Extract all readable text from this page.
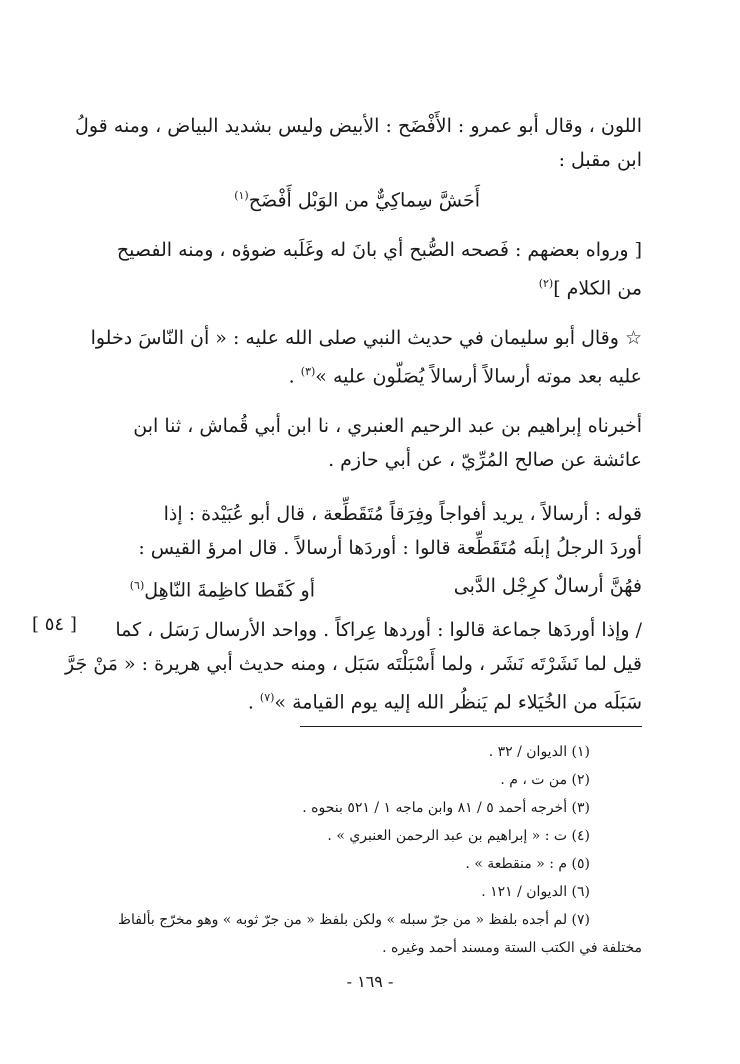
اللون ، وقال أبو عمرو : الأَفْضَح : الأبيض وليس بشديد البياض ، ومنه قولُ
ابن مقبل :
أَحَشَّ سِماكِيٌّ من الوَبْل أَفْضَح$^{(١)}$
[ ورواه بعضهم : فَصحه الصُّبح أي بانَ له وغَلَبه ضوؤه ، ومنه الفصيح
من الكلام ]$^{(٢)}$
☆ وقال أبو سليمان في حديث النبي صلى الله عليه : « أن النّاسَ دخلوا
عليه بعد موته أرسالاً أرسالاً يُصَلّون عليه »$^{(٣)}$ .
أخبرناه إبراهيم بن عبد الرحيم العنبري ، نا ابن أبي قُماش ، ثنا ابن
عائشة عن صالح المُرِّيّ ، عن أبي حازم .
قوله : أرسالاً ، يريد أفواجاً وفِرَقاً مُتَقَطِّعة ، قال أبو عُبَيْدة : إذا
أوردَ الرجلُ إبلَه مُتَقَطِّعة قالوا : أوردَها أرسالاً . قال امرؤ القيس :
فهُنَّ أرسالٌ كرِجْل الدَّبى
أو كَقَطا كاظِمةَ النّاهِل$^{(٦)}$
[ ٥٤ ] / وإذا أوردَها جماعة قالوا : أوردها عِراكاً . وواحد الأرسال رَسَل ، كما
قيل لما نَشَرْتَه نَشَر ، ولما أَسْبَلْتَه سَبَل ، ومنه حديث أبي هريرة : « مَنْ جَرَّ
سَبَلَه من الخُيَلاء لم يَنظُر الله إليه يوم القيامة »$^{(٧)}$ .
(١) الديوان / ٣٢ .
(٢) من ت ، م .
(٣) أخرجه أحمد ٥ / ٨١ وابن ماجه ١ / ٥٢١ بنحوه .
(٤) ت : « إبراهيم بن عبد الرحمن العنبري » .
(٥) م : « منقطعة » .
(٦) الديوان / ١٢١ .
(٧) لم أجده بلفظ « من جرّ سبله » ولكن بلفظ « من جرّ ثوبه » وهو مخرّج بألفاظ
مختلفة في الكتب الستة ومسند أحمد وغيره .
- ١٦٩ -
